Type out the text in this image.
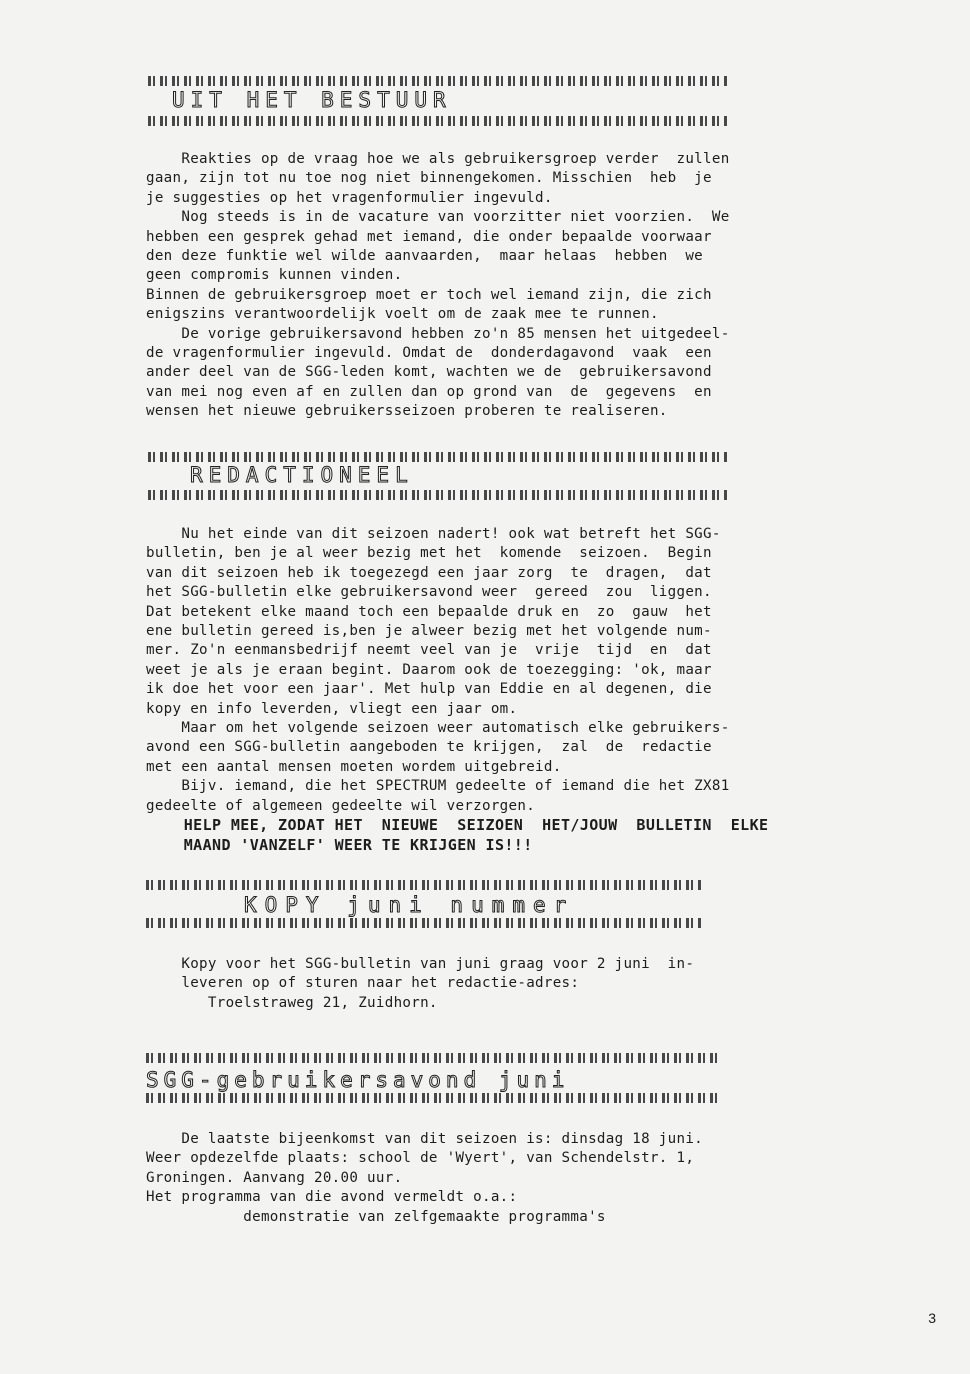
UIT HET BESTUUR
Reakties op de vraag hoe we als gebruikersgroep verder  zullen
gaan, zijn tot nu toe nog niet binnengekomen. Misschien  heb  je
je suggesties op het vragenformulier ingevuld.
Nog steeds is in de vacature van voorzitter niet voorzien.  We
hebben een gesprek gehad met iemand, die onder bepaalde voorwaar
den deze funktie wel wilde aanvaarden,  maar helaas  hebben  we
geen compromis kunnen vinden.
Binnen de gebruikersgroep moet er toch wel iemand zijn, die zich
enigszins verantwoordelijk voelt om de zaak mee te runnen.
De vorige gebruikersavond hebben zo'n 85 mensen het uitgedeel-
de vragenformulier ingevuld. Omdat de  donderdagavond  vaak  een
ander deel van de SGG-leden komt, wachten we de  gebruikersavond
van mei nog even af en zullen dan op grond van  de  gegevens  en
wensen het nieuwe gebruikersseizoen proberen te realiseren.
REDACTIONEEL
Nu het einde van dit seizoen nadert! ook wat betreft het SGG-
bulletin, ben je al weer bezig met het  komende  seizoen.  Begin
van dit seizoen heb ik toegezegd een jaar zorg  te  dragen,  dat
het SGG-bulletin elke gebruikersavond weer  gereed  zou  liggen.
Dat betekent elke maand toch een bepaalde druk en  zo  gauw  het
ene bulletin gereed is,ben je alweer bezig met het volgende num-
mer. Zo'n eenmansbedrijf neemt veel van je  vrije  tijd  en  dat
weet je als je eraan begint. Daarom ook de toezegging: 'ok, maar
ik doe het voor een jaar'. Met hulp van Eddie en al degenen, die
kopy en info leverden, vliegt een jaar om.
Maar om het volgende seizoen weer automatisch elke gebruikers-
avond een SGG-bulletin aangeboden te krijgen,  zal  de  redactie
met een aantal mensen moeten wordem uitgebreid.
Bijv. iemand, die het SPECTRUM gedeelte of iemand die het ZX81
gedeelte of algemeen gedeelte wil verzorgen.
HELP MEE, ZODAT HET  NIEUWE  SEIZOEN  HET/JOUW  BULLETIN  ELKE
MAAND 'VANZELF' WEER TE KRIJGEN IS!!!
KOPY juni nummer
Kopy voor het SGG-bulletin van juni graag voor 2 juni  in-
leveren op of sturen naar het redactie-adres:
Troelstraweg 21, Zuidhorn.
SGG-gebruikersavond juni
De laatste bijeenkomst van dit seizoen is: dinsdag 18 juni.
Weer opdezelfde plaats: school de 'Wyert', van Schendelstr. 1,
Groningen. Aanvang 20.00 uur.
Het programma van die avond vermeldt o.a.:
demonstratie van zelfgemaakte programma's
3
